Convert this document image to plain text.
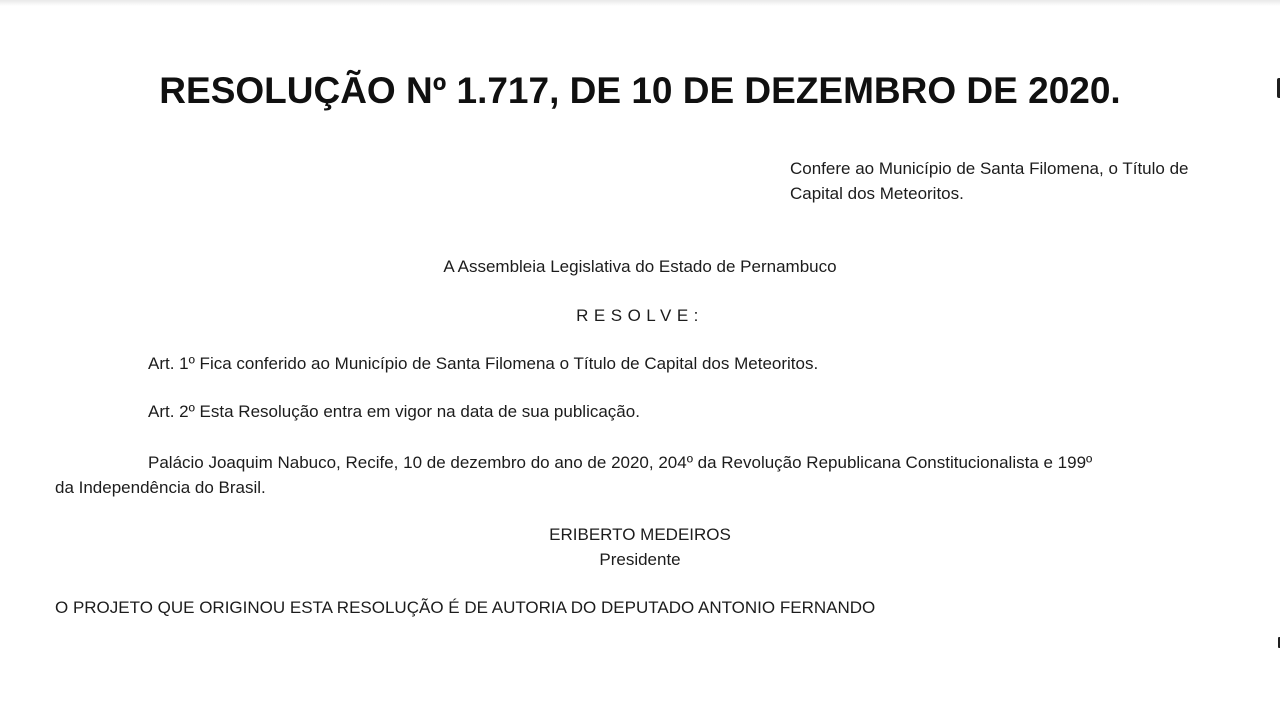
RESOLUÇÃO Nº 1.717, DE 10 DE DEZEMBRO DE 2020.
Confere ao Município de Santa Filomena, o Título de Capital dos Meteoritos.
A Assembleia Legislativa do Estado de Pernambuco
RESOLVE:
Art. 1º Fica conferido ao Município de Santa Filomena o Título de Capital dos Meteoritos.
Art. 2º Esta Resolução entra em vigor na data de sua publicação.
Palácio Joaquim Nabuco, Recife, 10 de dezembro do ano de 2020, 204º da Revolução Republicana Constitucionalista e 199º
da Independência do Brasil.
ERIBERTO MEDEIROS
Presidente
O PROJETO QUE ORIGINOU ESTA RESOLUÇÃO É DE AUTORIA DO DEPUTADO ANTONIO FERNANDO
